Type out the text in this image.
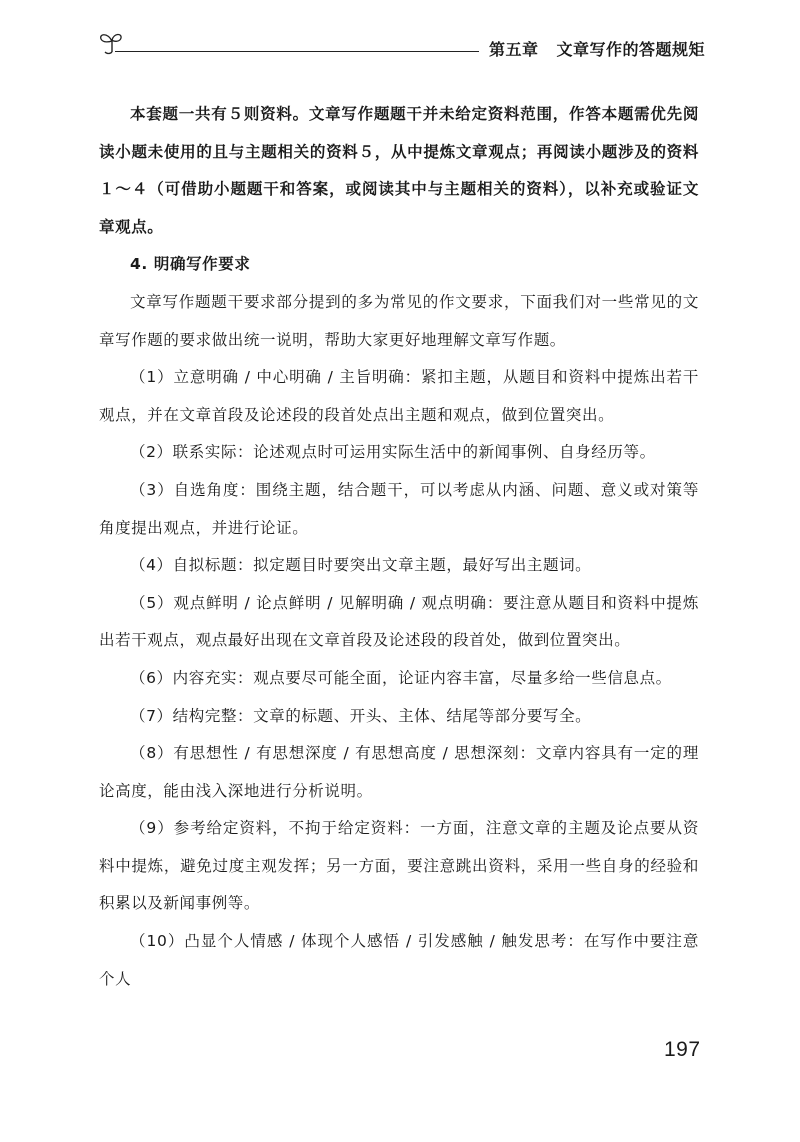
第五章 文章写作的答题规矩

本套题一共有５则资料。文章写作题题干并未给定资料范围，作答本题需优先阅读小题未使用的且与主题相关的资料５，从中提炼文章观点；再阅读小题涉及的资料１～４（可借助小题题干和答案，或阅读其中与主题相关的资料），以补充或验证文章观点。

4. 明确写作要求

文章写作题题干要求部分提到的多为常见的作文要求，下面我们对一些常见的文章写作题的要求做出统一说明，帮助大家更好地理解文章写作题。

（1）立意明确 / 中心明确 / 主旨明确：紧扣主题，从题目和资料中提炼出若干观点，并在文章首段及论述段的段首处点出主题和观点，做到位置突出。

（2）联系实际：论述观点时可运用实际生活中的新闻事例、自身经历等。

（3）自选角度：围绕主题，结合题干，可以考虑从内涵、问题、意义或对策等角度提出观点，并进行论证。

（4）自拟标题：拟定题目时要突出文章主题，最好写出主题词。

（5）观点鲜明 / 论点鲜明 / 见解明确 / 观点明确：要注意从题目和资料中提炼出若干观点，观点最好出现在文章首段及论述段的段首处，做到位置突出。

（6）内容充实：观点要尽可能全面，论证内容丰富，尽量多给一些信息点。

（7）结构完整：文章的标题、开头、主体、结尾等部分要写全。

（8）有思想性 / 有思想深度 / 有思想高度 / 思想深刻：文章内容具有一定的理论高度，能由浅入深地进行分析说明。

（9）参考给定资料，不拘于给定资料：一方面，注意文章的主题及论点要从资料中提炼，避免过度主观发挥；另一方面，要注意跳出资料，采用一些自身的经验和积累以及新闻事例等。

（10）凸显个人情感 / 体现个人感悟 / 引发感触 / 触发思考：在写作中要注意个人

197
